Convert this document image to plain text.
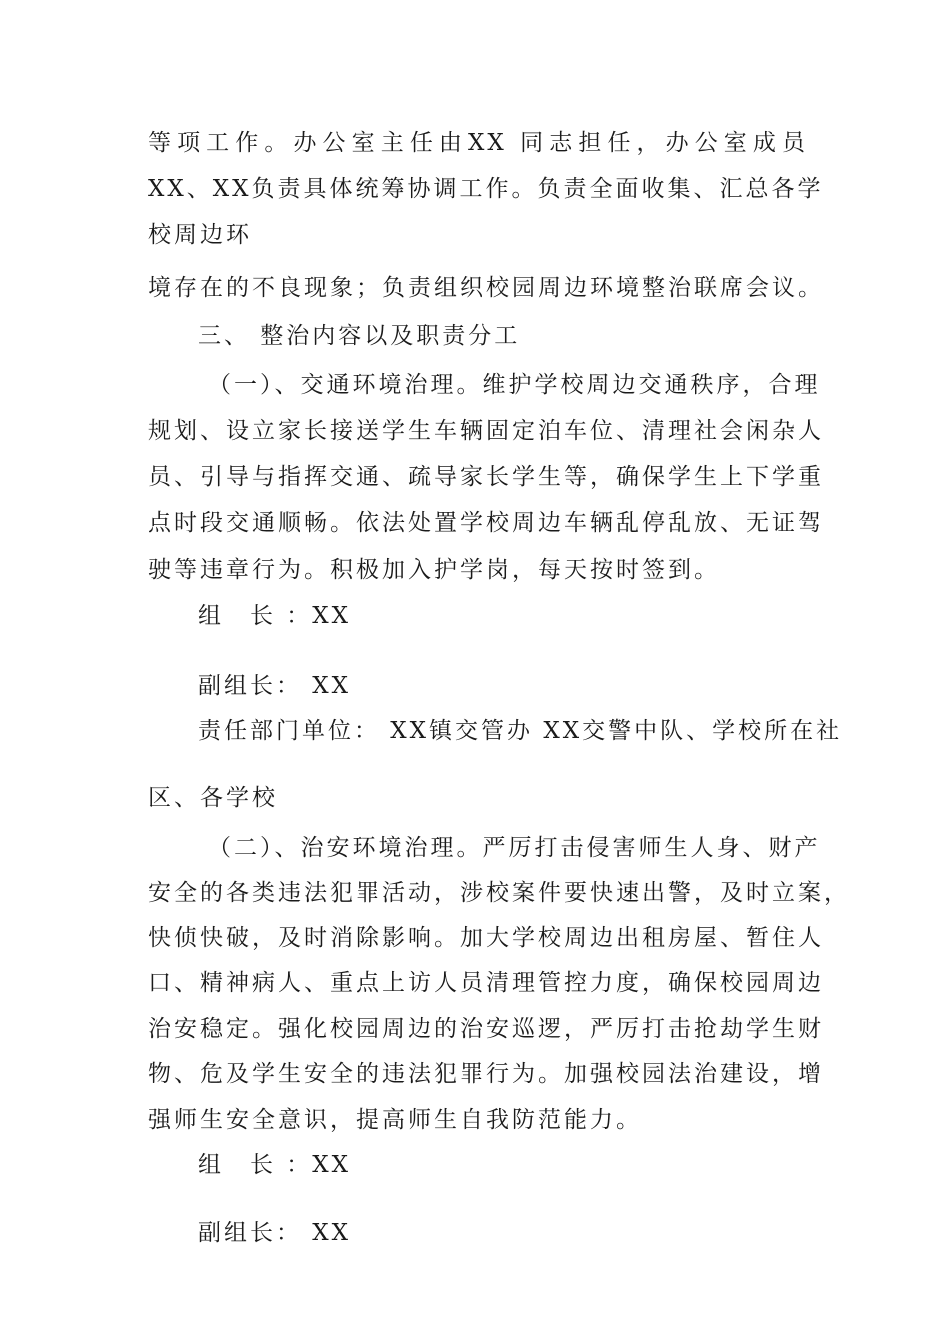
等项工作。办公室主任由XX 同志担任，办公室成员
XX、XX负责具体统筹协调工作。负责全面收集、汇总各学
校周边环
境存在的不良现象；负责组织校园周边环境整治联席会议。
三、 整治内容以及职责分工
（一）、交通环境治理。维护学校周边交通秩序，合理
规划、设立家长接送学生车辆固定泊车位、清理社会闲杂人
员、引导与指挥交通、疏导家长学生等，确保学生上下学重
点时段交通顺畅。依法处置学校周边车辆乱停乱放、无证驾
驶等违章行为。积极加入护学岗，每天按时签到。
组　长 ：XX
副组长： XX
责任部门单位： XX镇交管办 XX交警中队、学校所在社
区、各学校
（二）、治安环境治理。严厉打击侵害师生人身、财产
安全的各类违法犯罪活动，涉校案件要快速出警，及时立案，
快侦快破，及时消除影响。加大学校周边出租房屋、暂住人
口、精神病人、重点上访人员清理管控力度，确保校园周边
治安稳定。强化校园周边的治安巡逻，严厉打击抢劫学生财
物、危及学生安全的违法犯罪行为。加强校园法治建设，增
强师生安全意识，提高师生自我防范能力。
组　长 ：XX
副组长： XX
